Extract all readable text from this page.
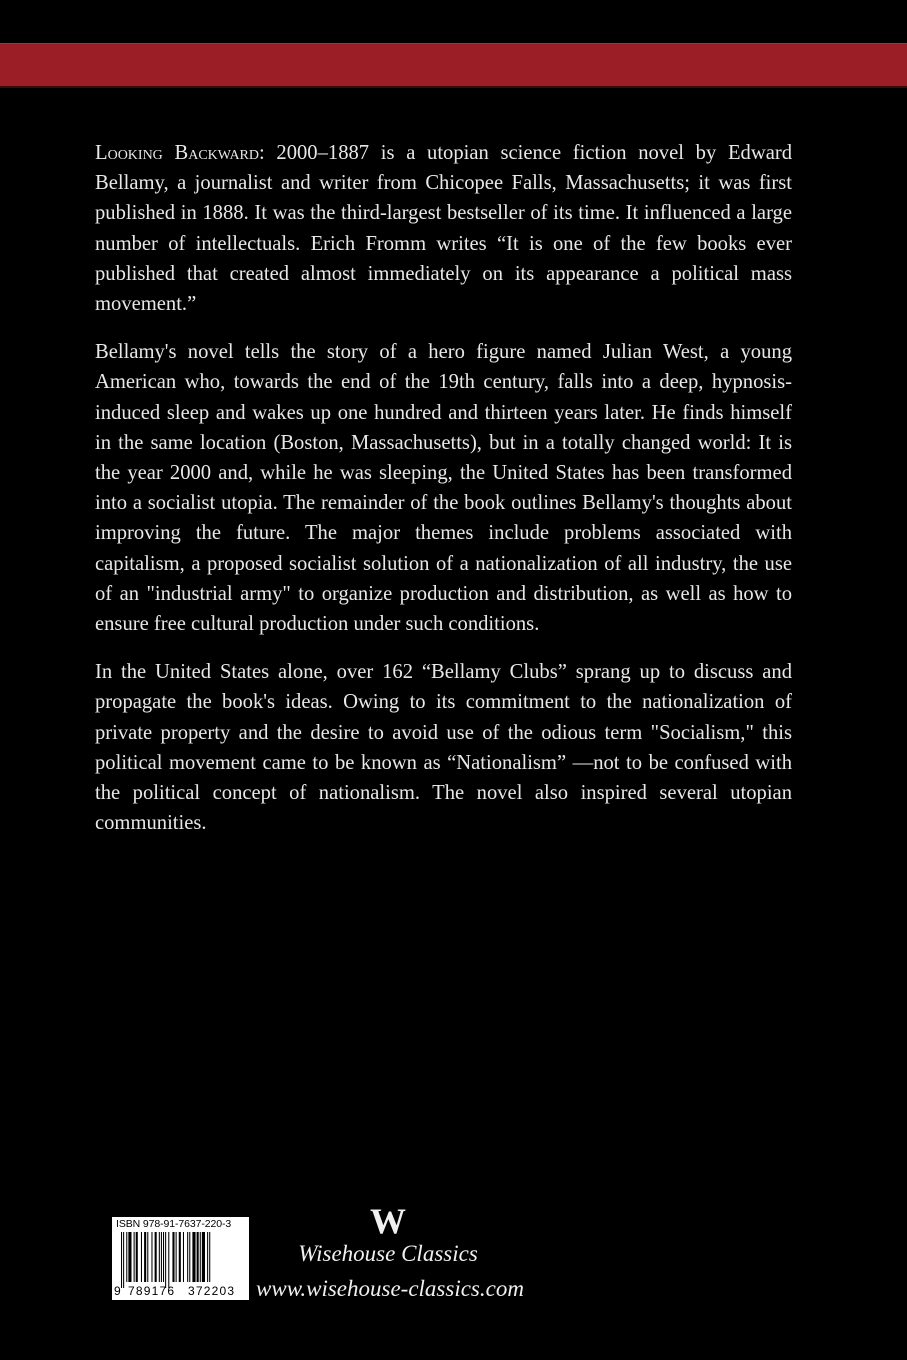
Looking Backward: 2000–1887 is a utopian science fiction novel by Edward Bellamy, a journalist and writer from Chicopee Falls, Massachusetts; it was first published in 1888. It was the third-largest bestseller of its time. It influenced a large number of intellectuals. Erich Fromm writes “It is one of the few books ever published that created almost immediately on its appearance a political mass movement.”

Bellamy's novel tells the story of a hero figure named Julian West, a young American who, towards the end of the 19th century, falls into a deep, hypnosis-induced sleep and wakes up one hundred and thirteen years later. He finds himself in the same location (Boston, Massachusetts), but in a totally changed world: It is the year 2000 and, while he was sleeping, the United States has been transformed into a socialist utopia. The remainder of the book outlines Bellamy's thoughts about improving the future. The major themes include problems associated with capitalism, a proposed socialist solution of a nationalization of all industry, the use of an "industrial army" to organize production and distribution, as well as how to ensure free cultural production under such conditions.

In the United States alone, over 162 “Bellamy Clubs” sprang up to discuss and propagate the book's ideas. Owing to its commitment to the nationalization of private property and the desire to avoid use of the odious term "Socialism," this political movement came to be known as “Nationalism” —not to be confused with the political concept of nationalism. The novel also inspired several utopian communities.

ISBN 978-91-7637-220-3
9 789176 372203
W
Wisehouse Classics
www.wisehouse-classics.com
